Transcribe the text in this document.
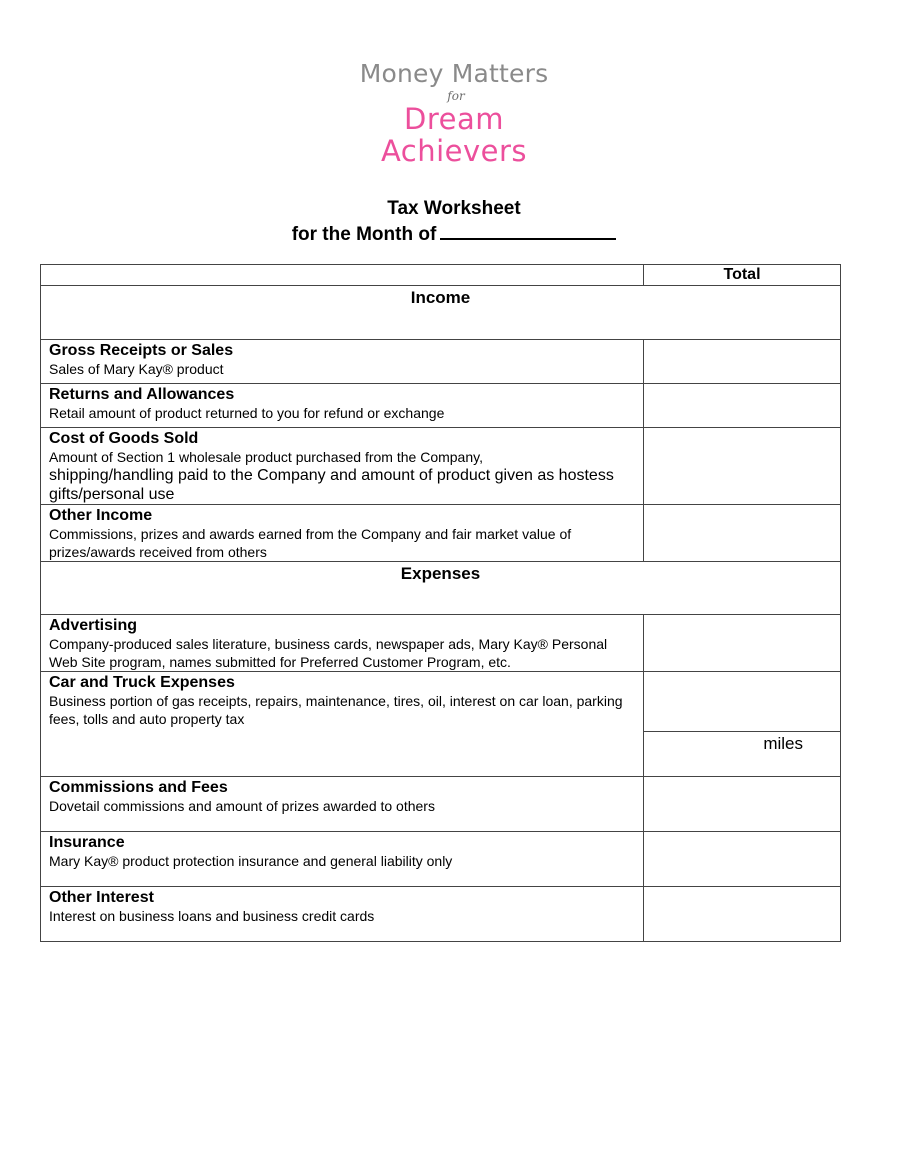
Money Matters
for
Dream
Achievers
Tax Worksheet
for the Month of
	Total
Income	

Gross Receipts or Sales
Sales of Mary Kay® product	

Returns and Allowances
Retail amount of product returned to you for refund or exchange	

Cost of Goods Sold
Amount of Section 1 wholesale product purchased from the Company,
shipping/handling paid to the Company and amount of product given as hostess gifts/personal use	

Other Income
Commissions, prizes and awards earned from the Company and fair market value of prizes/awards received from others	

Expenses	

Advertising
Company-produced sales literature, business cards, newspaper ads, Mary Kay® Personal Web Site program, names submitted for Preferred Customer Program, etc.	

Car and Truck Expenses
Business portion of gas receipts, repairs, maintenance, tires, oil, interest on car loan, parking fees, tolls and auto property tax	

	miles

Commissions and Fees
Dovetail commissions and amount of prizes awarded to others	

Insurance
Mary Kay® product protection insurance and general liability only	

Other Interest
Interest on business loans and business credit cards	
